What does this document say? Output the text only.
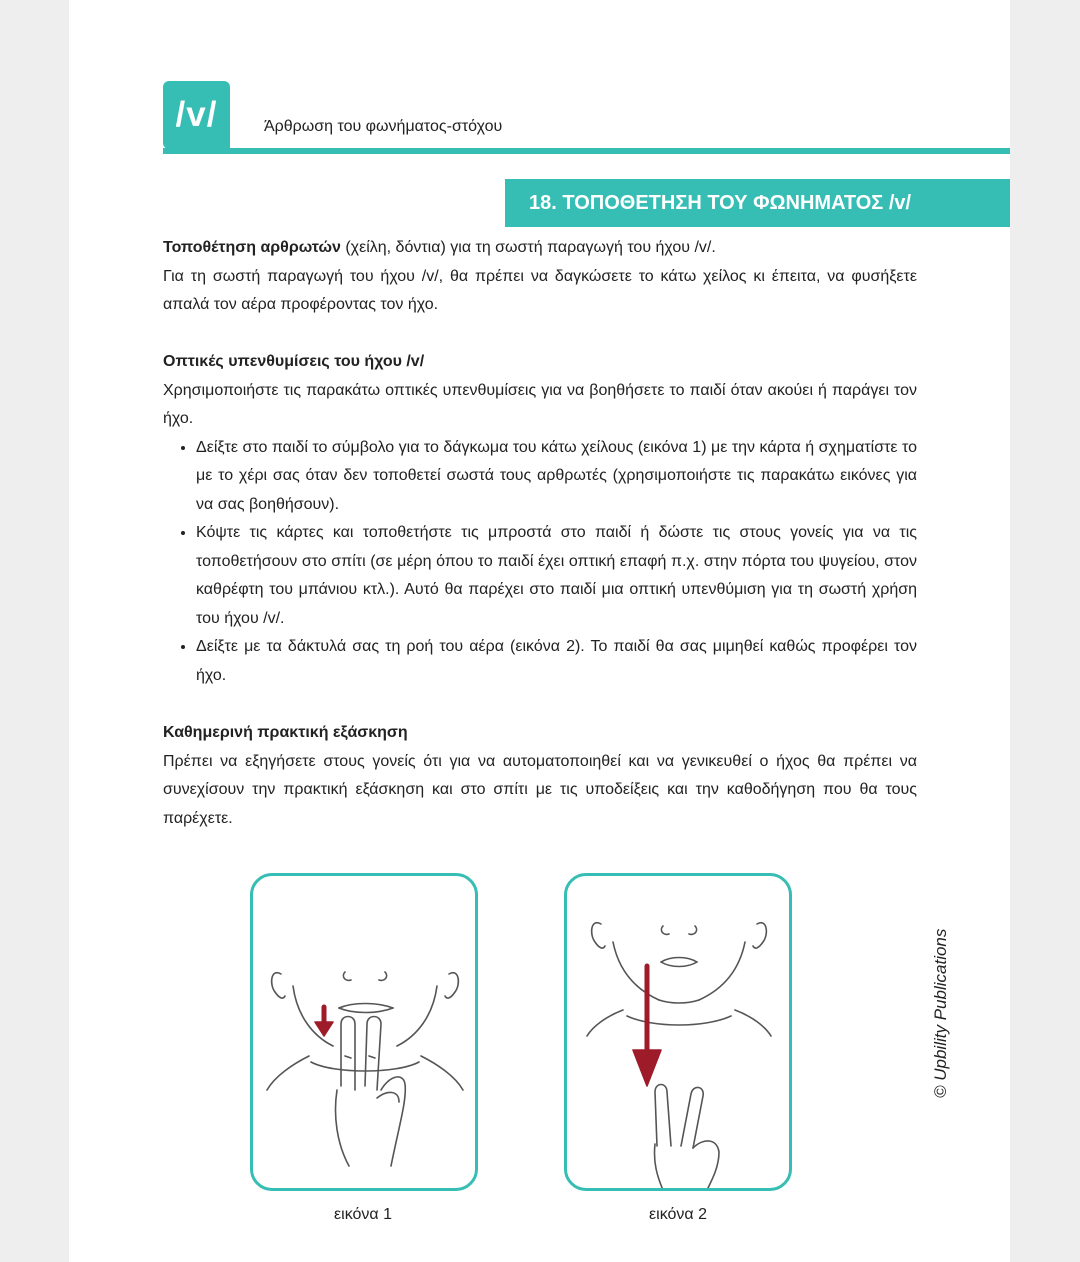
/v/	Άρθρωση του φωνήματος-στόχου
18. ΤΟΠΟΘΕΤΗΣΗ ΤΟΥ ΦΩΝΗΜΑΤΟΣ /v/

Τοποθέτηση αρθρωτών (χείλη, δόντια) για τη σωστή παραγωγή του ήχου /v/.

Για τη σωστή παραγωγή του ήχου /v/, θα πρέπει να δαγκώσετε το κάτω χείλος κι έπειτα, να φυσήξετε απαλά τον αέρα προφέροντας τον ήχο.

Οπτικές υπενθυμίσεις του ήχου /v/

Χρησιμοποιήστε τις παρακάτω οπτικές υπενθυμίσεις για να βοηθήσετε το παιδί όταν ακούει ή παράγει τον ήχο.

• Δείξτε στο παιδί το σύμβολο για το δάγκωμα του κάτω χείλους (εικόνα 1) με την κάρτα ή σχηματίστε το με το χέρι σας όταν δεν τοποθετεί σωστά τους αρθρωτές (χρησιμοποιήστε τις παρακάτω εικόνες για να σας βοηθήσουν).
• Κόψτε τις κάρτες και τοποθετήστε τις μπροστά στο παιδί ή δώστε τις στους γονείς για να τις τοποθετήσουν στο σπίτι (σε μέρη όπου το παιδί έχει οπτική επαφή π.χ. στην πόρτα του ψυγείου, στον καθρέφτη του μπάνιου κτλ.). Αυτό θα παρέχει στο παιδί μια οπτική υπενθύμιση για τη σωστή χρήση του ήχου /v/.
• Δείξτε με τα δάκτυλά σας τη ροή του αέρα (εικόνα 2). Το παιδί θα σας μιμηθεί καθώς προφέρει τον ήχο.

Καθημερινή πρακτική εξάσκηση

Πρέπει να εξηγήσετε στους γονείς ότι για να αυτοματοποιηθεί και να γενικευθεί ο ήχος θα πρέπει να συνεχίσουν την πρακτική εξάσκηση και στο σπίτι με τις υποδείξεις και την καθοδήγηση που θα τους παρέχετε.

εικόνα 1	εικόνα 2
© Upbility Publications
